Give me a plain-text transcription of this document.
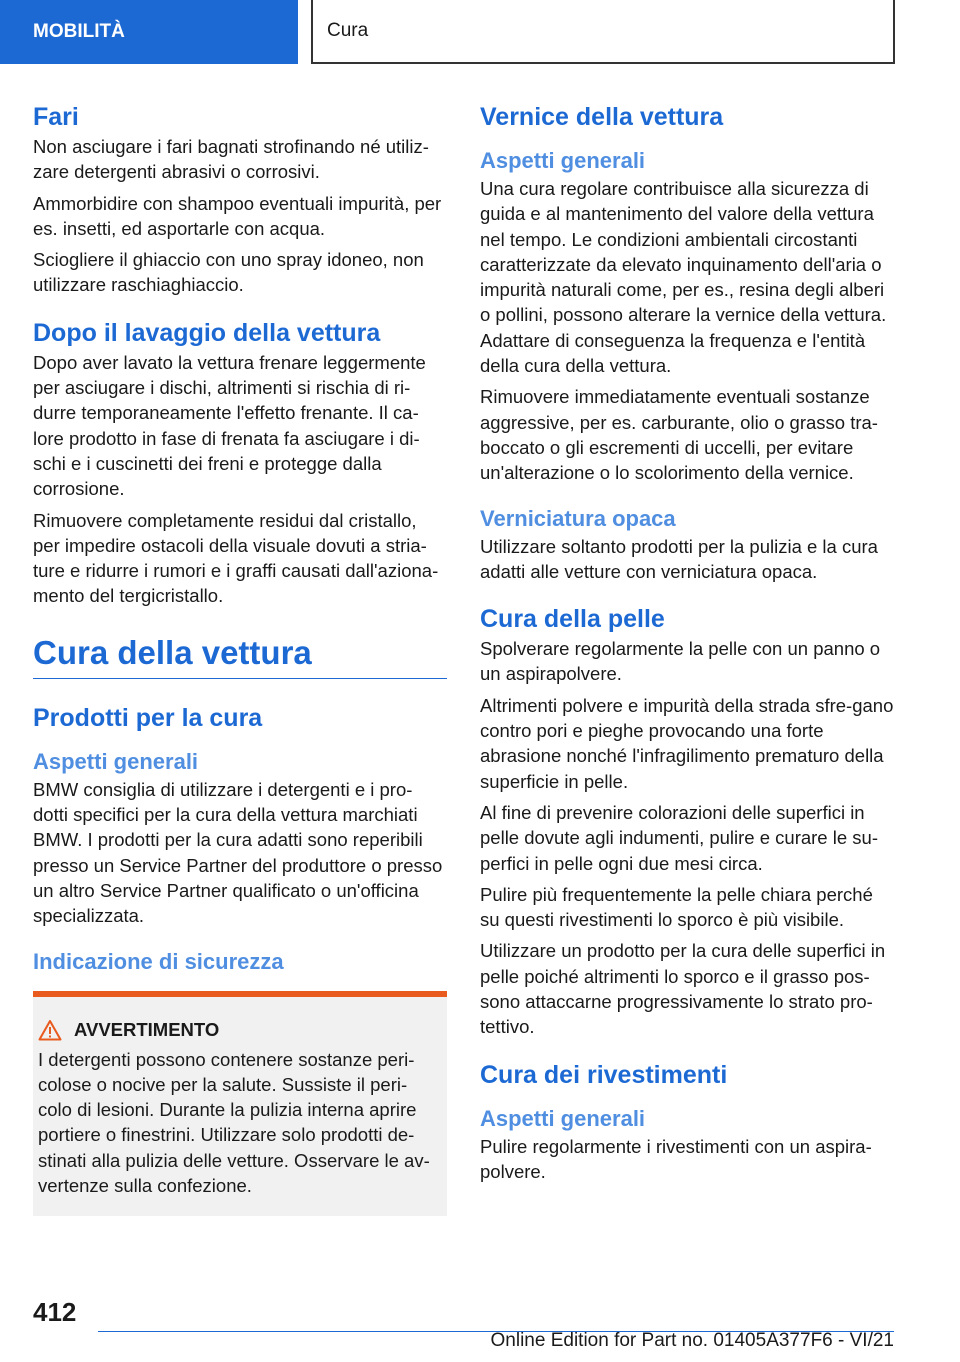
MOBILITÀ	Cura
Fari

Non asciugare i fari bagnati strofinando né utiliz-zare detergenti abrasivi o corrosivi.

Ammorbidire con shampoo eventuali impurità, per es. insetti, ed asportarle con acqua.

Sciogliere il ghiaccio con uno spray idoneo, non utilizzare raschiaghiaccio.

Dopo il lavaggio della vettura

Dopo aver lavato la vettura frenare leggermente per asciugare i dischi, altrimenti si rischia di ri-durre temporaneamente l'effetto frenante. Il ca-lore prodotto in fase di frenata fa asciugare i di-schi e i cuscinetti dei freni e protegge dalla corrosione.

Rimuovere completamente residui dal cristallo, per impedire ostacoli della visuale dovuti a stria-ture e ridurre i rumori e i graffi causati dall'aziona-mento del tergicristallo.

Cura della vettura
Prodotti per la cura
Aspetti generali

BMW consiglia di utilizzare i detergenti e i pro-dotti specifici per la cura della vettura marchiati BMW. I prodotti per la cura adatti sono reperibili presso un Service Partner del produttore o presso un altro Service Partner qualificato o un'officina specializzata.

Indicazione di sicurezza
AVVERTIMENTO

I detergenti possono contenere sostanze peri-colose o nocive per la salute. Sussiste il peri-colo di lesioni. Durante la pulizia interna aprire portiere o finestrini. Utilizzare solo prodotti de-stinati alla pulizia delle vetture. Osservare le av-vertenze sulla confezione.

Vernice della vettura
Aspetti generali

Una cura regolare contribuisce alla sicurezza di guida e al mantenimento del valore della vettura nel tempo. Le condizioni ambientali circostanti caratterizzate da elevato inquinamento dell'aria o impurità naturali come, per es., resina degli alberi o pollini, possono alterare la vernice della vettura. Adattare di conseguenza la frequenza e l'entità della cura della vettura.

Rimuovere immediatamente eventuali sostanze aggressive, per es. carburante, olio o grasso tra-boccato o gli escrementi di uccelli, per evitare un'alterazione o lo scolorimento della vernice.

Verniciatura opaca

Utilizzare soltanto prodotti per la pulizia e la cura adatti alle vetture con verniciatura opaca.

Cura della pelle

Spolverare regolarmente la pelle con un panno o un aspirapolvere.

Altrimenti polvere e impurità della strada sfre-gano contro pori e pieghe provocando una forte abrasione nonché l'infragilimento prematuro della superficie in pelle.

Al fine di prevenire colorazioni delle superfici in pelle dovute agli indumenti, pulire e curare le su-perfici in pelle ogni due mesi circa.

Pulire più frequentemente la pelle chiara perché su questi rivestimenti lo sporco è più visibile.

Utilizzare un prodotto per la cura delle superfici in pelle poiché altrimenti lo sporco e il grasso pos-sono attaccarne progressivamente lo strato pro-tettivo.

Cura dei rivestimenti
Aspetti generali

Pulire regolarmente i rivestimenti con un aspira-polvere.

412
Online Edition for Part no. 01405A377F6 - VI/21
